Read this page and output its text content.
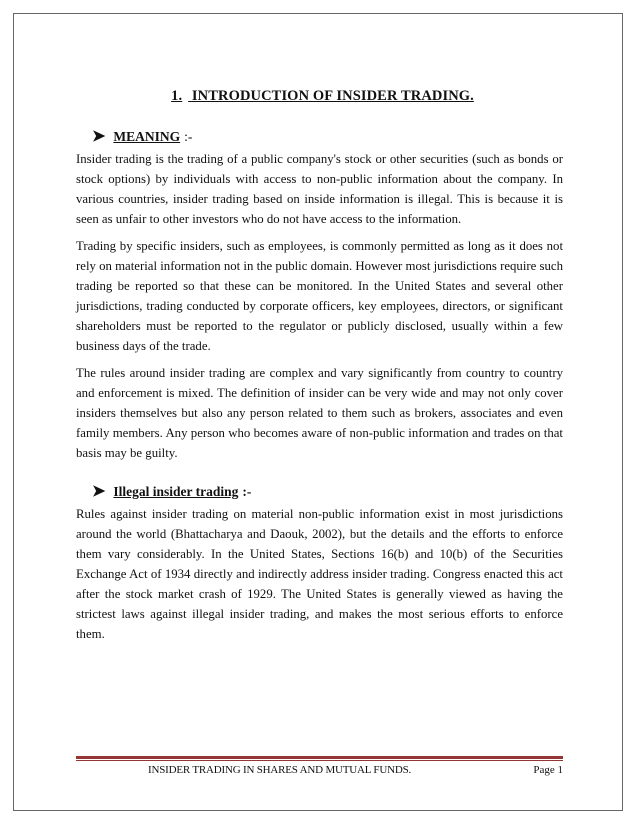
1. INTRODUCTION OF INSIDER TRADING.
➤ MEANING :-

Insider trading is the trading of a public company's stock or other securities (such as bonds or stock options) by individuals with access to non-public information about the company. In various countries, insider trading based on inside information is illegal. This is because it is seen as unfair to other investors who do not have access to the information.

Trading by specific insiders, such as employees, is commonly permitted as long as it does not rely on material information not in the public domain. However most jurisdictions require such trading be reported so that these can be monitored. In the United States and several other jurisdictions, trading conducted by corporate officers, key employees, directors, or significant shareholders must be reported to the regulator or publicly disclosed, usually within a few business days of the trade.

The rules around insider trading are complex and vary significantly from country to country and enforcement is mixed. The definition of insider can be very wide and may not only cover insiders themselves but also any person related to them such as brokers, associates and even family members. Any person who becomes aware of non-public information and trades on that basis may be guilty.

➤ Illegal insider trading :-

Rules against insider trading on material non-public information exist in most jurisdictions around the world (Bhattacharya and Daouk, 2002), but the details and the efforts to enforce them vary considerably. In the United States, Sections 16(b) and 10(b) of the Securities Exchange Act of 1934 directly and indirectly address insider trading. Congress enacted this act after the stock market crash of 1929. The United States is generally viewed as having the strictest laws against illegal insider trading, and makes the most serious efforts to enforce them.

INSIDER TRADING IN SHARES AND MUTUAL FUNDS.	Page 1
